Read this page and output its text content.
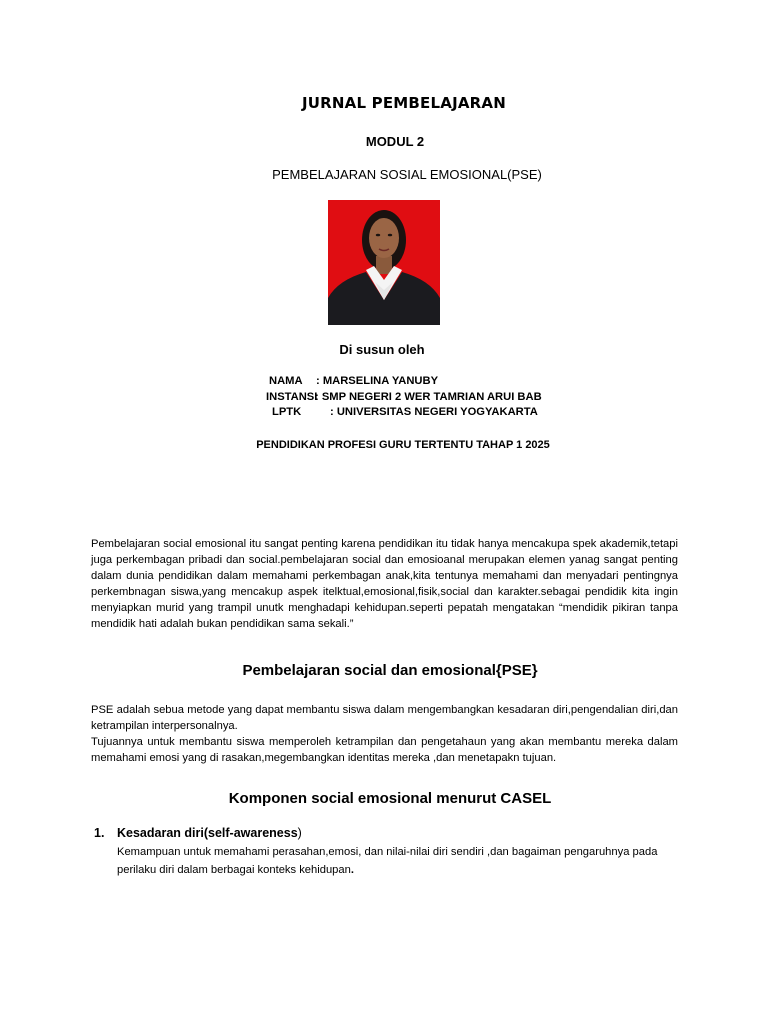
JURNAL PEMBELAJARAN
MODUL 2
PEMBELAJARAN SOSIAL EMOSIONAL(PSE)
Di susun oleh
NAMA : MARSELINA YANUBY
INSTANSI: SMP NEGERI 2 WER TAMRIAN ARUI BAB
LPTK	: UNIVERSITAS NEGERI YOGYAKARTA
PENDIDIKAN PROFESI GURU TERTENTU TAHAP 1 2025
Pembelajaran social emosional itu sangat penting karena pendidikan itu tidak hanya mencakupa spek akademik,tetapi juga perkembagan pribadi dan social.pembelajaran social dan emosioanal merupakan elemen yanag sangat penting dalam dunia pendidikan dalam memahami perkembagan anak,kita tentunya memahami dan menyadari pentingnya perkembnagan siswa,yang mencakup aspek itelktual,emosional,fisik,social dan karakter.sebagai pendidik kita ingin menyiapkan murid yang trampil unutk menghadapi kehidupan.seperti pepatah mengatakan “mendidik pikiran tanpa mendidik hati adalah bukan pendidikan sama sekali.”
Pembelajaran social dan emosional{PSE}
PSE adalah sebua metode yang dapat membantu siswa dalam mengembangkan kesadaran diri,pengendalian diri,dan ketrampilan interpersonalnya.
Tujuannya untuk membantu siswa memperoleh ketrampilan dan pengetahaun yang akan membantu mereka dalam memahami emosi yang di rasakan,megembangkan identitas mereka ,dan menetapakn tujuan.
Komponen social emosional menurut CASEL
1. Kesadaran diri(self-awareness)
Kemampuan untuk memahami perasahan,emosi, dan nilai-nilai diri sendiri ,dan bagaiman pengaruhnya pada perilaku diri dalam berbagai konteks kehidupan.
